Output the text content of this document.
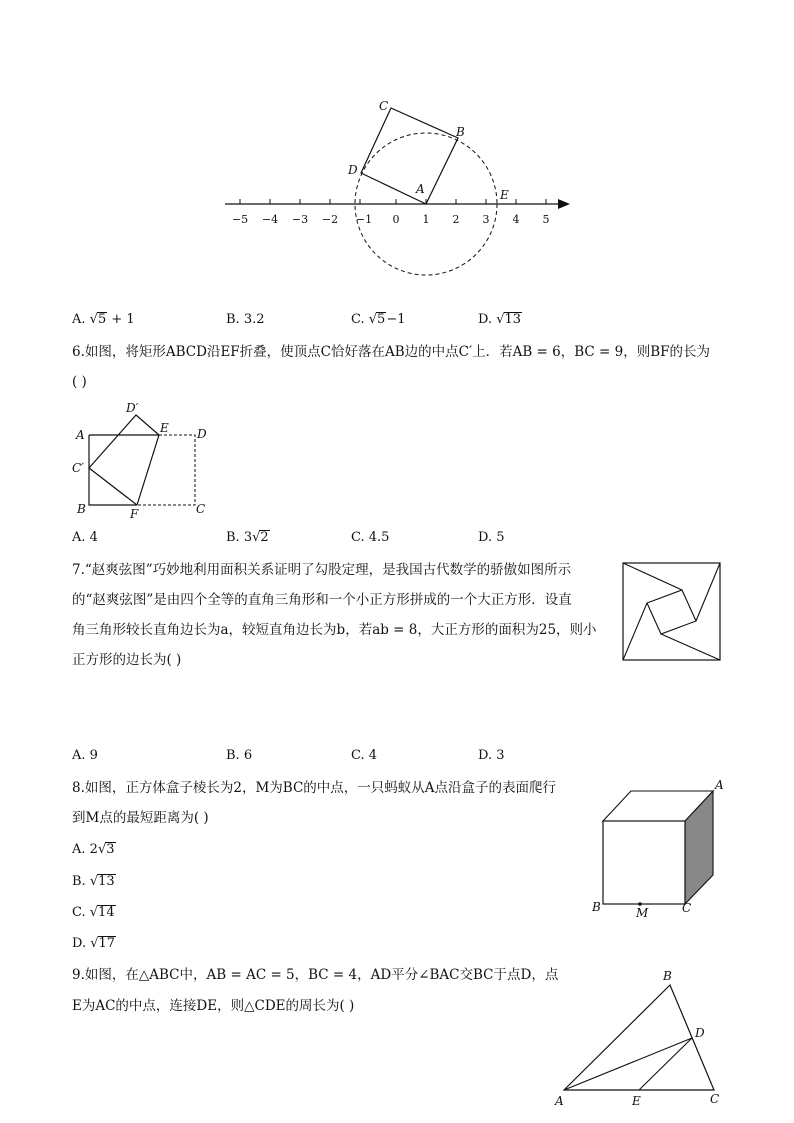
−5 −4 −3 −2 −1 0 1 2 3 4 5
C
B
D
A	E
A. √5 + 1	B. 3.2	C. √5−1	D. √13
6.如图，将矩形ABCD沿EF折叠，使顶点C恰好落在AB边的中点C′上．若AB = 6，BC = 9，则BF的长为
( )
D′
A	E D
C′
B	F	C
A. 4	B. 3√2	C. 4.5	D. 5
7.“赵爽弦图”巧妙地利用面积关系证明了勾股定理，是我国古代数学的骄傲如图所示
的“赵爽弦图”是由四个全等的直角三角形和一个小正方形拼成的一个大正方形．设直
角三角形较长直角边长为a，较短直角边长为b，若ab = 8，大正方形的面积为25，则小
正方形的边长为( )
A. 9	B. 6	C. 4	D. 3
8.如图，正方体盒子棱长为2，M为BC的中点，一只蚂蚁从A点沿盒子的表面爬行
到M点的最短距离为( )
A
B	M	C
A. 2√3
B. √13
C. √14
D. √17
9.如图，在△ABC中，AB = AC = 5，BC = 4，AD平分∠BAC交BC于点D，点
E为AC的中点，连接DE，则△CDE的周长为( )
B
D
A	E	C
